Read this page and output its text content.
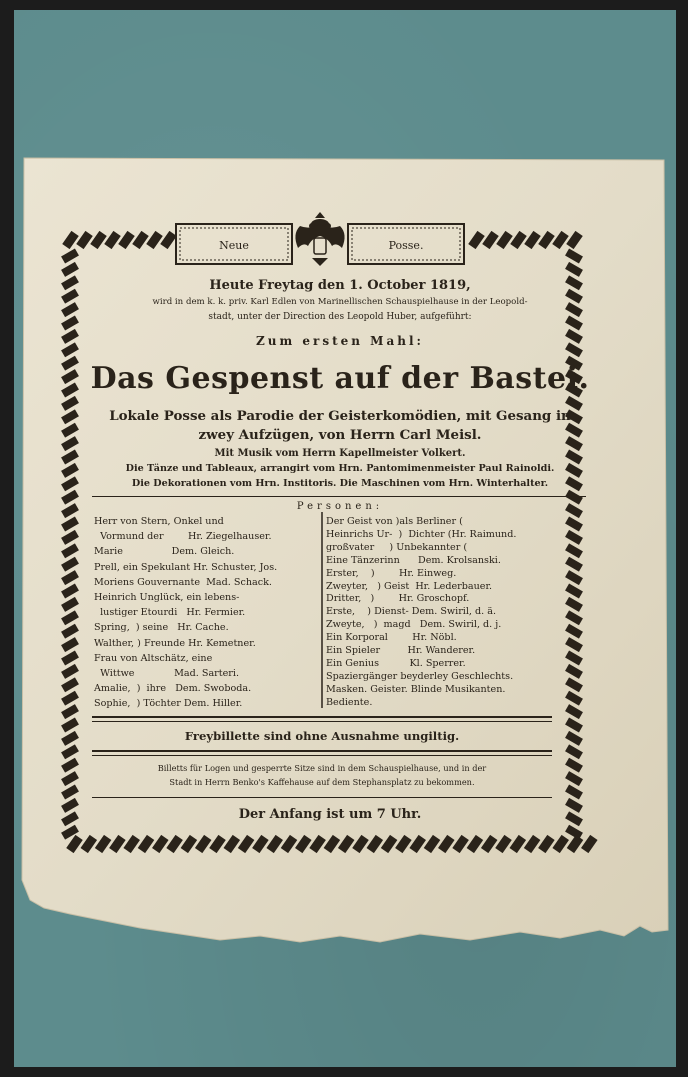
Neue	Posse.
Heute Freytag den 1. October 1819,
wird in dem k. k. priv. Karl Edlen von Marinellischen Schauspielhause in der Leopold-
stadt, unter der Direction des Leopold Huber, aufgeführt:
Zum ersten Mahl:
Das Gespenst auf der Bastei.
Lokale Posse als Parodie der Geisterkomödien, mit Gesang in
zwey Aufzügen, von Herrn Carl Meisl.
Mit Musik vom Herrn Kapellmeister Volkert.
Die Tänze und Tableaux, arrangirt vom Hrn. Pantomimenmeister Paul Rainoldi.
Die Dekorationen vom Hrn. Institoris. Die Maschinen vom Hrn. Winterhalter.
Personen:
Herr von Stern, Onkel und
Vormund der        Hr. Ziegelhauser.
Marie                Dem. Gleich.
Prell, ein Spekulant Hr. Schuster, Jos.
Moriens Gouvernante  Mad. Schack.
Heinrich Unglück, ein lebens-
lustiger Etourdi   Hr. Fermier.
Spring,  ) seine   Hr. Cache.
Walther, ) Freunde Hr. Kemetner.
Frau von Altschätz, eine
Wittwe             Mad. Sarteri.
Amalie,  )  ihre   Dem. Swoboda.
Sophie,  ) Töchter Dem. Hiller.
Der Geist von )als Berliner (
Heinrichs Ur-  )  Dichter (Hr. Raimund.
großvater     ) Unbekannter (
Eine Tänzerinn      Dem. Krolsanski.
Erster,    )        Hr. Einweg.
Zweyter,   ) Geist  Hr. Lederbauer.
Dritter,   )        Hr. Groschopf.
Erste,    ) Dienst- Dem. Swiril, d. ä.
Zweyte,   )  magd   Dem. Swiril, d. j.
Ein Korporal        Hr. Nöbl.
Ein Spieler         Hr. Wanderer.
Ein Genius          Kl. Sperrer.
Spaziergänger beyderley Geschlechts.
Masken. Geister. Blinde Musikanten.
Bediente.
Freybillette sind ohne Ausnahme ungiltig.
Billetts für Logen und gesperrte Sitze sind in dem Schauspielhause, und in der
Stadt in Herrn Benko's Kaffehause auf dem Stephansplatz zu bekommen.
Der Anfang ist um 7 Uhr.
